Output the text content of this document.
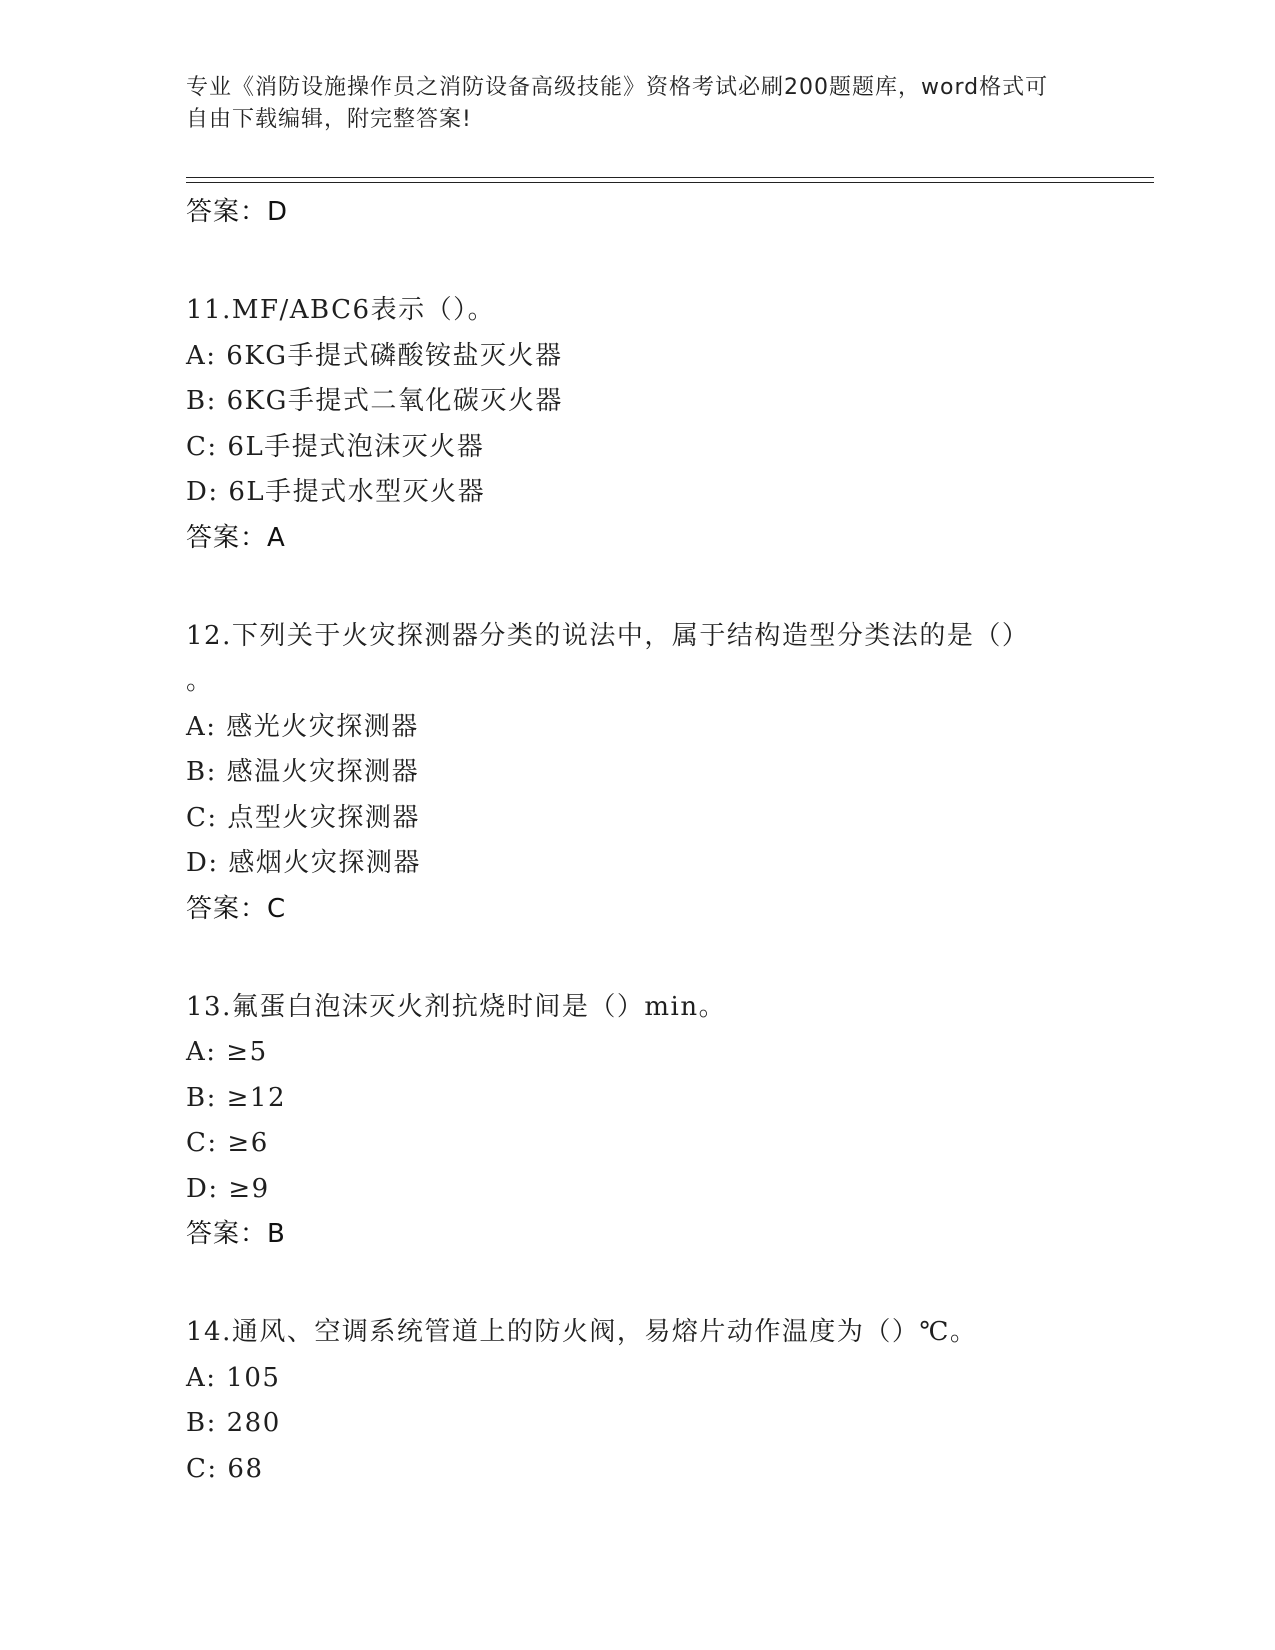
专业《消防设施操作员之消防设备高级技能》资格考试必刷200题题库，word格式可自由下载编辑，附完整答案!
答案：D
11.MF/ABC6表示（）。
A: 6KG手提式磷酸铵盐灭火器
B: 6KG手提式二氧化碳灭火器
C: 6L手提式泡沫灭火器
D: 6L手提式水型灭火器
答案：A
12.下列关于火灾探测器分类的说法中，属于结构造型分类法的是（）
。
A: 感光火灾探测器
B: 感温火灾探测器
C: 点型火灾探测器
D: 感烟火灾探测器
答案：C
13.氟蛋白泡沫灭火剂抗烧时间是（）min。
A: ≥5
B: ≥12
C: ≥6
D: ≥9
答案：B
14.通风、空调系统管道上的防火阀，易熔片动作温度为（）℃。
A: 105
B: 280
C: 68
